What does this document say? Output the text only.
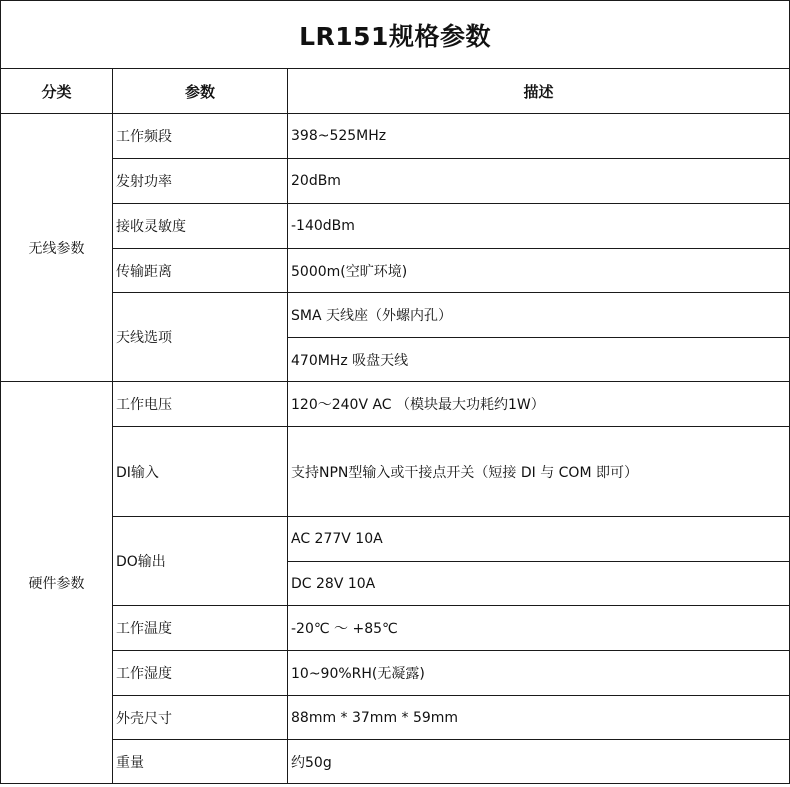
LR151规格参数		
分类	参数	描述
无线参数	工作频段	398~525MHz
	发射功率	20dBm
	接收灵敏度	-140dBm
	传输距离	5000m(空旷环境)
	天线选项	SMA 天线座（外螺内孔）
		470MHz 吸盘天线
硬件参数	工作电压	120～240V AC （模块最大功耗约1W）
	DI输入	支持NPN型输入或干接点开关（短接 DI 与 COM 即可）
	DO输出	AC 277V 10A
		DC 28V 10A
	工作温度	-20℃ ～ +85℃
	工作湿度	10~90%RH(无凝露)
	外壳尺寸	88mm * 37mm * 59mm
	重量	约50g
